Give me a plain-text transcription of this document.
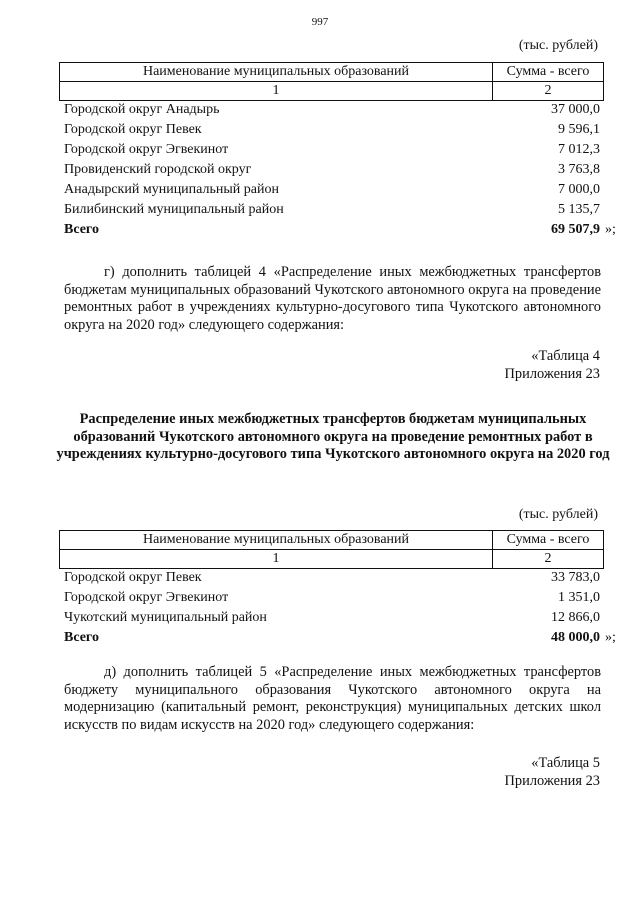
997
(тыс. рублей)
Наименование муниципальных образований	Сумма - всего
1	2
Городской округ Анадырь	37 000,0
Городской округ Певек	9 596,1
Городской округ Эгвекинот	7 012,3
Провиденский городской округ	3 763,8
Анадырский муниципальный район	7 000,0
Билибинский муниципальный район	5 135,7
Всего	69 507,9 »;

г) дополнить таблицей 4 «Распределение иных межбюджетных трансфертов бюджетам муниципальных образований Чукотского автономного округа на проведение ремонтных работ в учреждениях культурно-досугового типа Чукотского автономного округа на 2020 год» следующего содержания:

«Таблица 4
Приложения 23
Распределение иных межбюджетных трансфертов бюджетам муниципальных образований Чукотского автономного округа на проведение ремонтных работ в учреждениях культурно-досугового типа Чукотского автономного округа на 2020 год
(тыс. рублей)
Наименование муниципальных образований	Сумма - всего
1	2
Городской округ Певек	33 783,0
Городской округ Эгвекинот	1 351,0
Чукотский муниципальный район	12 866,0
Всего	48 000,0 »;

д) дополнить таблицей 5 «Распределение иных межбюджетных трансфертов бюджету муниципального образования Чукотского автономного округа на модернизацию (капитальный ремонт, реконструкция) муниципальных детских школ искусств по видам искусств на 2020 год» следующего содержания:

«Таблица 5
Приложения 23
